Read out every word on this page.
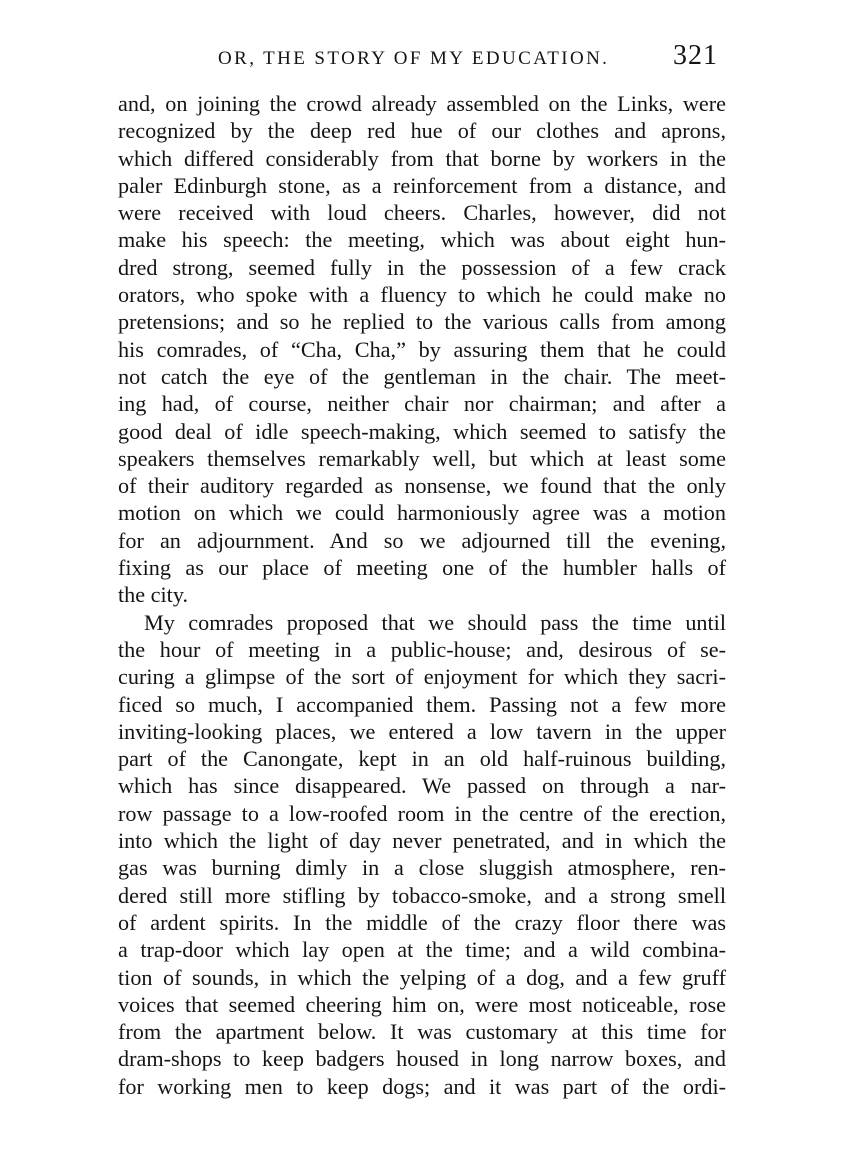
OR, THE STORY OF MY EDUCATION. 321
and, on joining the crowd already assembled on the Links, were
recognized by the deep red hue of our clothes and aprons,
which differed considerably from that borne by workers in the
paler Edinburgh stone, as a reinforcement from a distance, and
were received with loud cheers. Charles, however, did not
make his speech: the meeting, which was about eight hun-
dred strong, seemed fully in the possession of a few crack
orators, who spoke with a fluency to which he could make no
pretensions; and so he replied to the various calls from among
his comrades, of “Cha, Cha,” by assuring them that he could
not catch the eye of the gentleman in the chair. The meet-
ing had, of course, neither chair nor chairman; and after a
good deal of idle speech-making, which seemed to satisfy the
speakers themselves remarkably well, but which at least some
of their auditory regarded as nonsense, we found that the only
motion on which we could harmoniously agree was a motion
for an adjournment. And so we adjourned till the evening,
fixing as our place of meeting one of the humbler halls of
the city.
My comrades proposed that we should pass the time until
the hour of meeting in a public-house; and, desirous of se-
curing a glimpse of the sort of enjoyment for which they sacri-
ficed so much, I accompanied them. Passing not a few more
inviting-looking places, we entered a low tavern in the upper
part of the Canongate, kept in an old half-ruinous building,
which has since disappeared. We passed on through a nar-
row passage to a low-roofed room in the centre of the erection,
into which the light of day never penetrated, and in which the
gas was burning dimly in a close sluggish atmosphere, ren-
dered still more stifling by tobacco-smoke, and a strong smell
of ardent spirits. In the middle of the crazy floor there was
a trap-door which lay open at the time; and a wild combina-
tion of sounds, in which the yelping of a dog, and a few gruff
voices that seemed cheering him on, were most noticeable, rose
from the apartment below. It was customary at this time for
dram-shops to keep badgers housed in long narrow boxes, and
for working men to keep dogs; and it was part of the ordi-
